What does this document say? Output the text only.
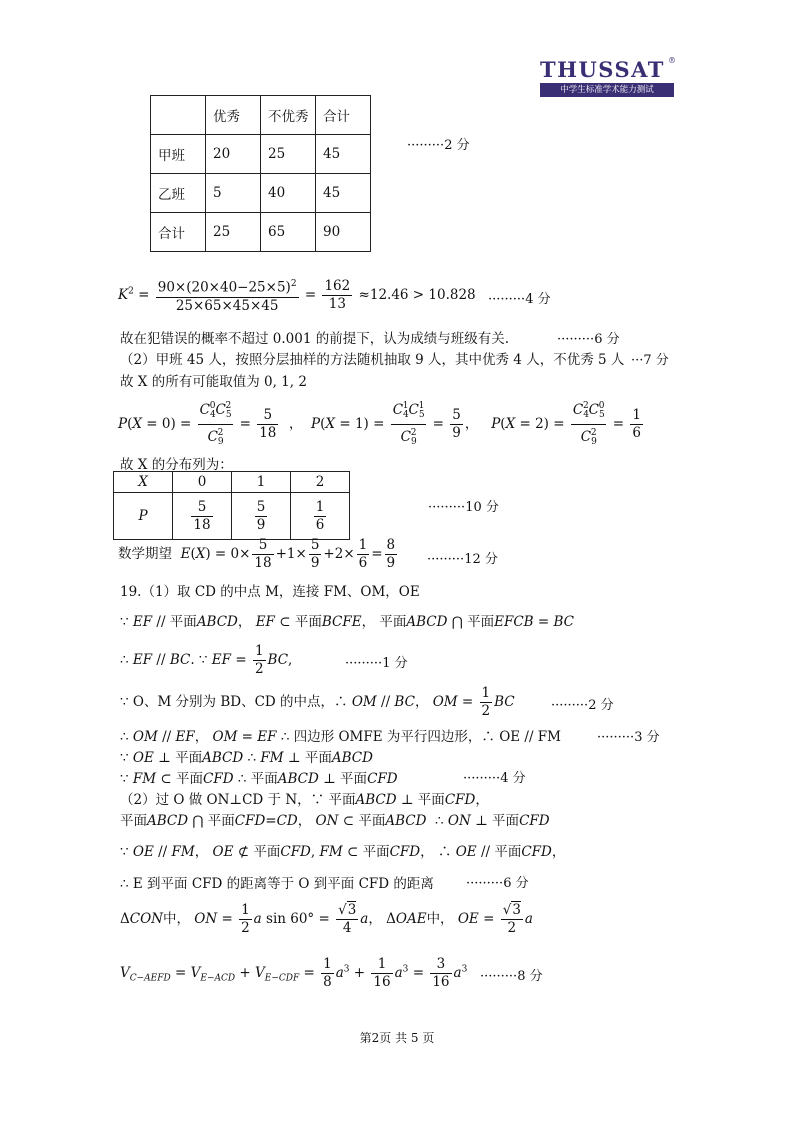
THUSSAT ®
中学生标准学术能力测试
	优秀	不优秀	合计
甲班	20	25	45
乙班	5	40	45
合计	25	65	90
·········2 分
$K^2 = \frac{90\times(20\times 40-25\times 5)^2}{25\times 65\times 45\times 45} = \frac{162}{13} \approx 12.46 > 10.828 \cdot\cdot\cdot\cdot\cdot\cdot\cdot\cdot\cdot 4$ 分
故在犯错误的概率不超过 0.001 的前提下，认为成绩与班级有关.	·········6 分
（2）甲班 45 人，按照分层抽样的方法随机抽取 9 人，其中优秀 4 人，不优秀 5 人 ···7 分
故 X 的所有可能取值为 0, 1, 2
$P(X = 0) = \frac{C_4^0C_5^2}{C_9^2} = \frac{5}{18}$ ，  $P(X = 1) = \frac{C_4^1C_5^1}{C_9^2} = \frac{5}{9}$ ，   $P(X = 2) = \frac{C_4^2C_5^0}{C_9^2} = \frac{1}{6}$
故 X 的分布列为：
X	0	1	2
P	$\frac{5}{18}$	$\frac{5}{9}$	$\frac{1}{6}$	·········10 分
数学期望 $E(X) = 0\times \frac{5}{18} +1\times \frac{5}{9} +2\times \frac{1}{6} = \frac{8}{9} \cdot\cdot\cdot\cdot\cdot\cdot\cdot\cdot\cdot 12$ 分
19.（1）取 CD 的中点 M，连接 FM、OM，OE
∵ EF // 平面ABCD， EF ⊂ 平面BCFE， 平面ABCD ⋂ 平面EFCB = BC
∴ EF // BC. ∵ EF = $\frac{1}{2}$ BC,	·········1 分
∵ O、M 分别为 BD、CD 的中点，∴ OM // BC， OM = $\frac{1}{2}$ BC	·········2 分
∴ OM // EF， OM = EF ∴ 四边形 OMFE 为平行四边形，∴ OE // FM	·········3 分
∵ OE ⊥ 平面ABCD ∴ FM ⊥ 平面ABCD
∵ FM ⊂ 平面CFD ∴ 平面ABCD ⊥ 平面CFD	·········4 分
（2）过 O 做 ON⊥CD 于 N，∵ 平面ABCD ⊥ 平面CFD，
平面ABCD ⋂ 平面CFD=CD， ON ⊂ 平面ABCD  ∴ ON ⊥ 平面CFD
∵ OE // FM， OE ⊄ 平面CFD, FM ⊂ 平面CFD， ∴ OE // 平面CFD，
∴ E 到平面 CFD 的距离等于 O 到平面 CFD 的距离 ·········6 分
ΔCON中， ON = $\frac{1}{2}$ a $\sin 60^\circ = \frac{√3}{4}$ a， ΔOAE中， OE = $\frac{√3}{2}$ a
$V_{C-AEFD} = V_{E-ACD} + V_{E-CDF} = \frac{1}{8} a^3 + \frac{1}{16} a^3 = \frac{3}{16} a^3 \cdot\cdot\cdot\cdot\cdot\cdot\cdot\cdot\cdot 8$ 分
第2页 共 5 页
